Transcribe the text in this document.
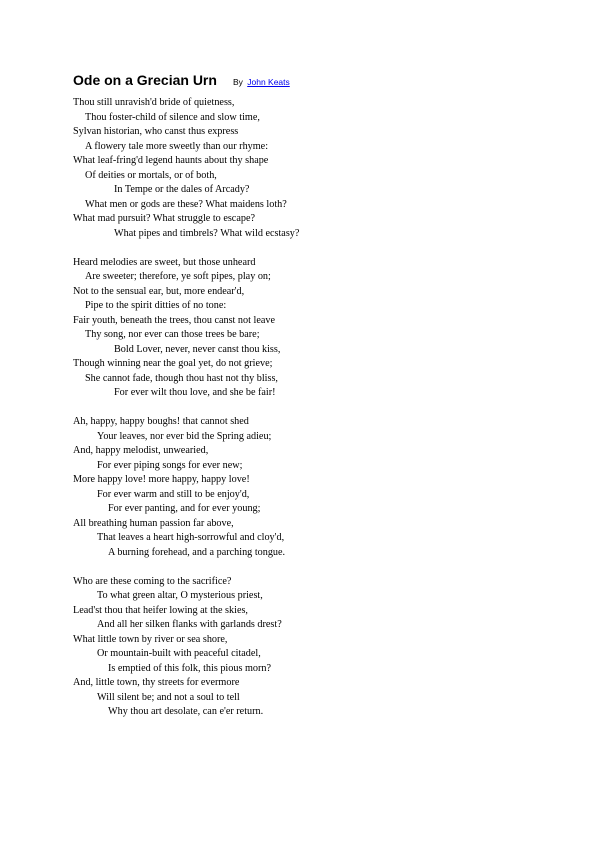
Ode on a Grecian Urn By John Keats
Thou still unravish'd bride of quietness,
Thou foster-child of silence and slow time,
Sylvan historian, who canst thus express
A flowery tale more sweetly than our rhyme:
What leaf-fring'd legend haunts about thy shape
Of deities or mortals, or of both,
In Tempe or the dales of Arcady?
What men or gods are these? What maidens loth?
What mad pursuit? What struggle to escape?
What pipes and timbrels? What wild ecstasy?
Heard melodies are sweet, but those unheard
Are sweeter; therefore, ye soft pipes, play on;
Not to the sensual ear, but, more endear'd,
Pipe to the spirit ditties of no tone:
Fair youth, beneath the trees, thou canst not leave
Thy song, nor ever can those trees be bare;
Bold Lover, never, never canst thou kiss,
Though winning near the goal yet, do not grieve;
She cannot fade, though thou hast not thy bliss,
For ever wilt thou love, and she be fair!
Ah, happy, happy boughs! that cannot shed
Your leaves, nor ever bid the Spring adieu;
And, happy melodist, unwearied,
For ever piping songs for ever new;
More happy love! more happy, happy love!
For ever warm and still to be enjoy'd,
For ever panting, and for ever young;
All breathing human passion far above,
That leaves a heart high-sorrowful and cloy'd,
A burning forehead, and a parching tongue.
Who are these coming to the sacrifice?
To what green altar, O mysterious priest,
Lead'st thou that heifer lowing at the skies,
And all her silken flanks with garlands drest?
What little town by river or sea shore,
Or mountain-built with peaceful citadel,
Is emptied of this folk, this pious morn?
And, little town, thy streets for evermore
Will silent be; and not a soul to tell
Why thou art desolate, can e'er return.
